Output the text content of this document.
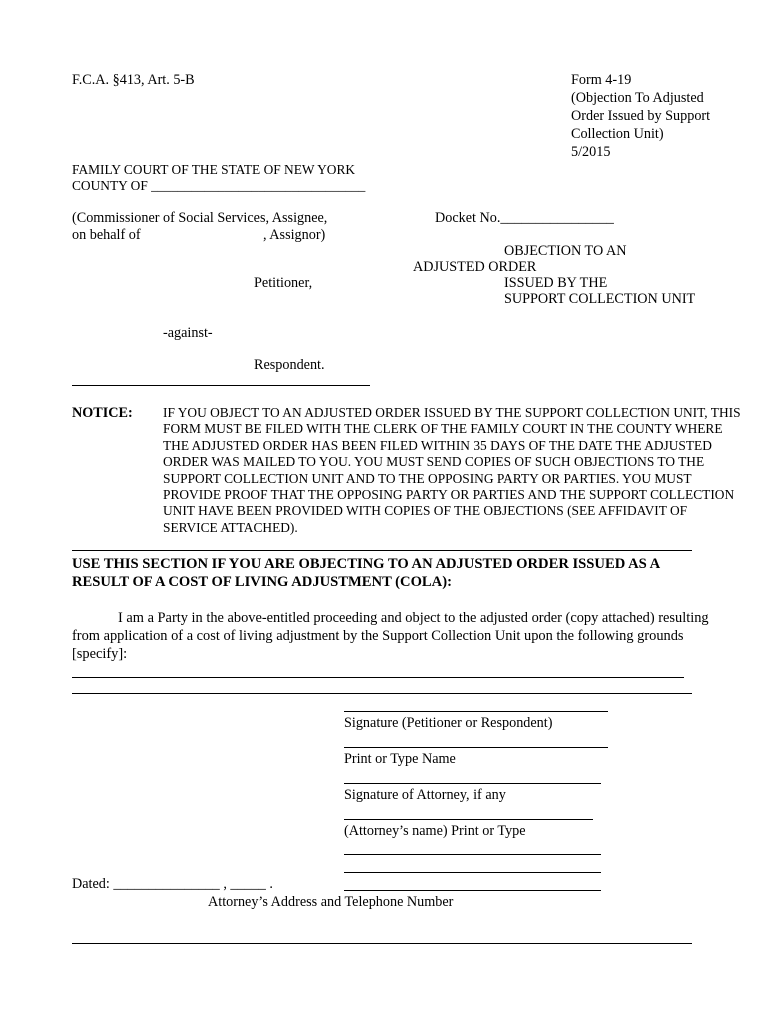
F.C.A. §413, Art. 5-B	Form 4-19
(Objection To Adjusted
Order Issued by Support
Collection Unit)
5/2015
FAMILY COURT OF THE STATE OF NEW YORK
COUNTY OF ________________________________
(Commissioner of Social Services, Assignee,
on behalf of	, Assignor)
Petitioner,
-against-
Respondent.
Docket No.________________
OBJECTION TO AN
ADJUSTED ORDER
ISSUED BY THE
SUPPORT COLLECTION UNIT
NOTICE: IF YOU OBJECT TO AN ADJUSTED ORDER ISSUED BY THE SUPPORT COLLECTION UNIT, THIS FORM MUST BE FILED WITH THE CLERK OF THE FAMILY COURT IN THE COUNTY WHERE THE ADJUSTED ORDER HAS BEEN FILED WITHIN 35 DAYS OF THE DATE THE ADJUSTED ORDER WAS MAILED TO YOU. YOU MUST SEND COPIES OF SUCH OBJECTIONS TO THE SUPPORT COLLECTION UNIT AND TO THE OPPOSING PARTY OR PARTIES. YOU MUST PROVIDE PROOF THAT THE OPPOSING PARTY OR PARTIES AND THE SUPPORT COLLECTION UNIT HAVE BEEN PROVIDED WITH COPIES OF THE OBJECTIONS (SEE AFFIDAVIT OF SERVICE ATTACHED).
USE THIS SECTION IF YOU ARE OBJECTING TO AN ADJUSTED ORDER ISSUED AS A RESULT OF A COST OF LIVING ADJUSTMENT (COLA):
I am a Party in the above-entitled proceeding and object to the adjusted order (copy attached) resulting from application of a cost of living adjustment by the Support Collection Unit upon the following grounds [specify]:
Signature (Petitioner or Respondent)
Print or Type Name
Signature of Attorney, if any
(Attorney’s name) Print or Type
Dated: _______________ , _____ .
Attorney’s Address and Telephone Number
